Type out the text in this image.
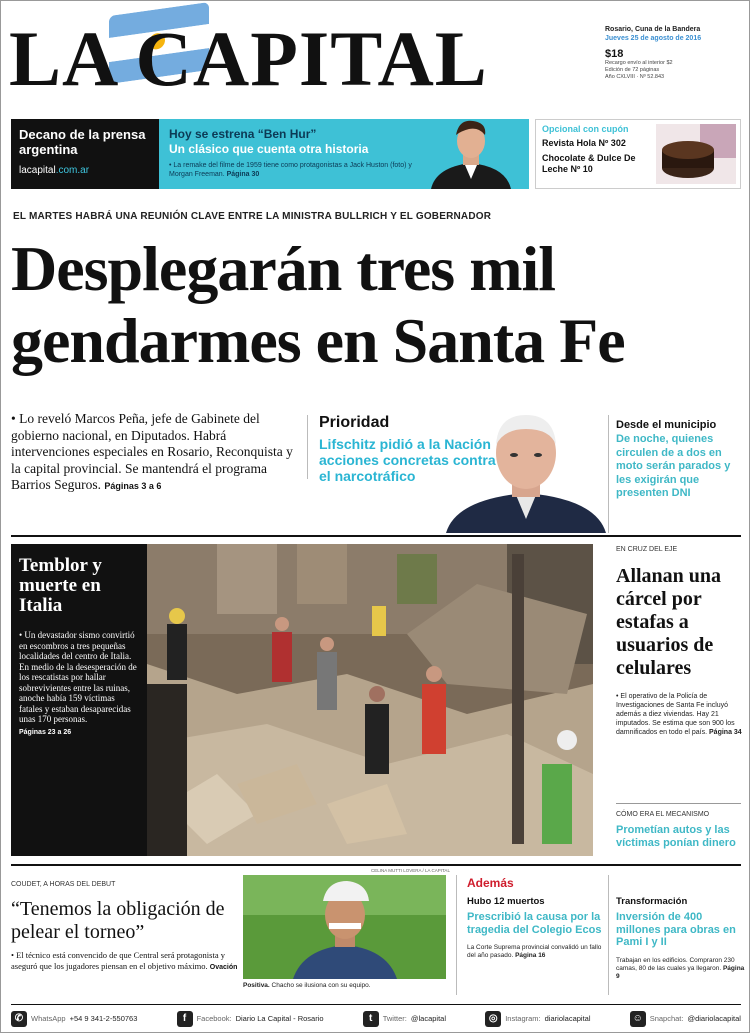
LA CAPITAL	Rosario, Cuna de la Bandera
Jueves 25 de agosto de 2016
$18
Recargo envío al interior $2
Edición de 72 páginas
Año CXLVIII · Nº 52.843
Decano de la prensa argentina
lacapital.com.ar
Hoy se estrena “Ben Hur”
Un clásico que cuenta otra historia
• La remake del filme de 1959 tiene como protagonistas a Jack Huston (foto) y Morgan Freeman. Página 30
Opcional con cupón
Revista Hola Nº 302
Chocolate & Dulce De Leche Nº 10
EL MARTES HABRÁ UNA REUNIÓN CLAVE ENTRE LA MINISTRA BULLRICH Y EL GOBERNADOR
Desplegarán tres mil
gendarmes en Santa Fe
• Lo reveló Marcos Peña, jefe de Gabinete del gobierno nacional, en Diputados. Habrá intervenciones especiales en Rosario, Reconquista y la capital provincial. Se mantendrá el programa Barrios Seguros. Páginas 3 a 6
Prioridad
Lifschitz pidió a la Nación acciones concretas contra el narcotráfico
Desde el municipio
De noche, quienes circulen de a dos en moto serán parados y les exigirán que presenten DNI
Temblor y muerte en Italia
• Un devastador sismo convirtió en escombros a tres pequeñas localidades del centro de Italia. En medio de la desesperación de los rescatistas por hallar sobrevivientes entre las ruinas, anoche había 159 víctimas fatales y estaban desaparecidas unas 170 personas.
Páginas 23 a 26
EN CRUZ DEL EJE
Allanan una cárcel por estafas a usuarios de celulares
• El operativo de la Policía de Investigaciones de Santa Fe incluyó además a diez viviendas. Hay 21 imputados. Se estima que son 900 los damnificados en todo el país. Página 34
CÓMO ERA EL MECANISMO
Prometían autos y las víctimas ponían dinero
COUDET, A HORAS DEL DEBUT
“Tenemos la obligación de pelear el torneo”
• El técnico está convencido de que Central será protagonista y aseguró que los jugadores piensan en el objetivo máximo. Ovación
CELINA MUTTI LOVERA / LA CAPITAL
Positiva. Chacho se ilusiona con su equipo.
Además
Hubo 12 muertos
Prescribió la causa por la tragedia del Colegio Ecos
La Corte Suprema provincial convalidó un fallo del año pasado. Página 16
Transformación
Inversión de 400 millones para obras en Pami I y II
Trabajan en los edificios. Compraron 230 camas, 80 de las cuales ya llegaron. Página 9
✆	WhatsApp +54 9 341-2-550763	f	Facebook: Diario La Capital - Rosario	t	Twitter: @lacapital	◎	Instagram: diariolacapital	☺ Snapchat: @diariolacapital
